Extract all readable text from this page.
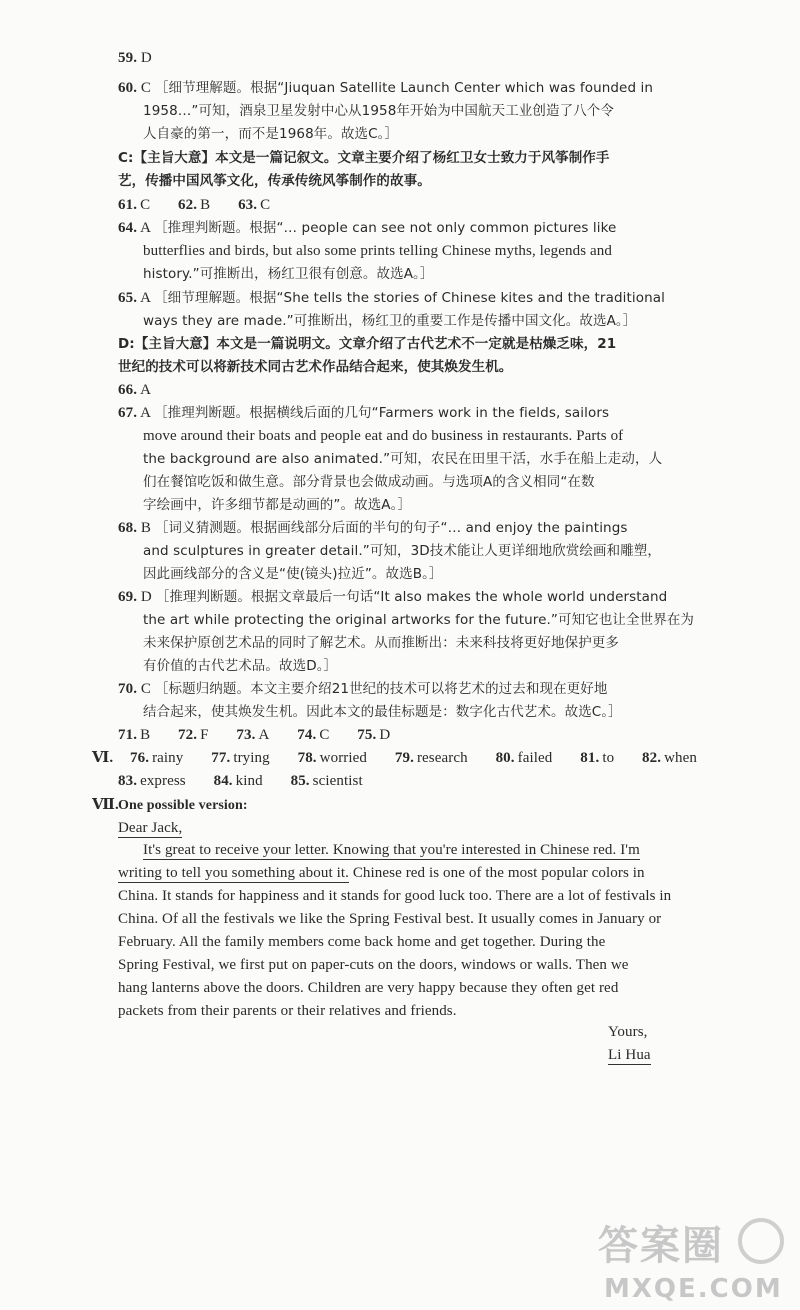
59. D
60. C ［细节理解题。根据“Jiuquan Satellite Launch Center which was founded in
1958…”可知，酒泉卫星发射中心从1958年开始为中国航天工业创造了八个令
人自豪的第一，而不是1968年。故选C。］
C:【主旨大意】本文是一篇记叙文。文章主要介绍了杨红卫女士致力于风筝制作手
艺，传播中国风筝文化，传承传统风筝制作的故事。
61. C 62. B 63. C
64. A ［推理判断题。根据“… people can see not only common pictures like
butterflies and birds, but also some prints telling Chinese myths, legends and
history.”可推断出，杨红卫很有创意。故选A。］
65. A ［细节理解题。根据“She tells the stories of Chinese kites and the traditional
ways they are made.”可推断出，杨红卫的重要工作是传播中国文化。故选A。］
D:【主旨大意】本文是一篇说明文。文章介绍了古代艺术不一定就是枯燥乏味，21
世纪的技术可以将新技术同古艺术作品结合起来，使其焕发生机。
66. A
67. A ［推理判断题。根据横线后面的几句“Farmers work in the fields, sailors
move around their boats and people eat and do business in restaurants. Parts of
the background are also animated.”可知，农民在田里干活，水手在船上走动，人
们在餐馆吃饭和做生意。部分背景也会做成动画。与选项A的含义相同“在数
字绘画中，许多细节都是动画的”。故选A。］
68. B ［词义猜测题。根据画线部分后面的半句的句子“… and enjoy the paintings
and sculptures in greater detail.”可知，3D技术能让人更详细地欣赏绘画和雕塑，
因此画线部分的含义是“使(镜头)拉近”。故选B。］
69. D ［推理判断题。根据文章最后一句话“It also makes the whole world understand
the art while protecting the original artworks for the future.”可知它也让全世界在为
未来保护原创艺术品的同时了解艺术。从而推断出：未来科技将更好地保护更多
有价值的古代艺术品。故选D。］
70. C ［标题归纳题。本文主要介绍21世纪的技术可以将艺术的过去和现在更好地
结合起来，使其焕发生机。因此本文的最佳标题是：数字化古代艺术。故选C。］
71. B 72. F 73. A 74. C 75. D
Ⅵ. 76. rainy 77. trying 78. worried 79. research 80. failed 81. to 82. when
83. express 84. kind 85. scientist
Ⅶ.One possible version:
Dear Jack,
It's great to receive your letter. Knowing that you're interested in Chinese red. I'm
writing to tell you something about it. Chinese red is one of the most popular colors in
China. It stands for happiness and it stands for good luck too. There are a lot of festivals in
China. Of all the festivals we like the Spring Festival best. It usually comes in January or
February. All the family members come back home and get together. During the
Spring Festival, we first put on paper-cuts on the doors, windows or walls. Then we
hang lanterns above the doors. Children are very happy because they often get red
packets from their parents or their relatives and friends.
Yours,
Li Hua
答案圈
MXQE.COM
